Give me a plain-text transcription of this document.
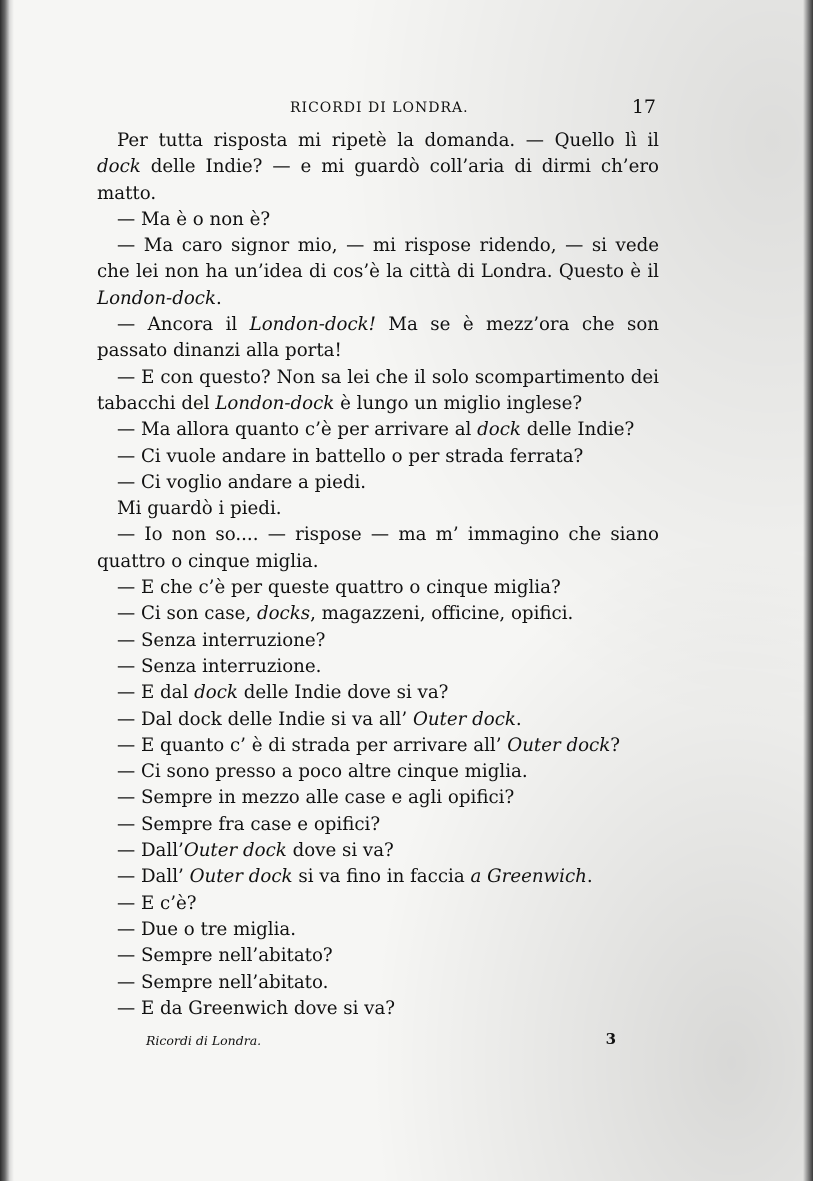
RICORDI DI LONDRA.	17

Per tutta risposta mi ripetè la domanda. — Quello lì il dock delle Indie? — e mi guardò coll’aria di dirmi ch’ero matto.

— Ma è o non è?

— Ma caro signor mio, — mi rispose ridendo, — si vede che lei non ha un’idea di cos’è la città di Londra. Questo è il London-dock.

— Ancora il London-dock! Ma se è mezz’ora che son passato dinanzi alla porta!

— E con questo? Non sa lei che il solo scompartimento dei tabacchi del London-dock è lungo un miglio inglese?

— Ma allora quanto c’è per arrivare al dock delle Indie?

— Ci vuole andare in battello o per strada ferrata?

— Ci voglio andare a piedi.

Mi guardò i piedi.

— Io non so.... — rispose — ma m’ immagino che siano quattro o cinque miglia.

— E che c’è per queste quattro o cinque miglia?

— Ci son case, docks, magazzeni, officine, opifici.

— Senza interruzione?

— Senza interruzione.

— E dal dock delle Indie dove si va?

— Dal dock delle Indie si va all’ Outer dock.

— E quanto c’ è di strada per arrivare all’ Outer dock?

— Ci sono presso a poco altre cinque miglia.

— Sempre in mezzo alle case e agli opifici?

— Sempre fra case e opifici?

— Dall’Outer dock dove si va?

— Dall’ Outer dock si va fino in faccia a Greenwich.

— E c’è?

— Due o tre miglia.

— Sempre nell’abitato?

— Sempre nell’abitato.

— E da Greenwich dove si va?

Ricordi di Londra.	3
